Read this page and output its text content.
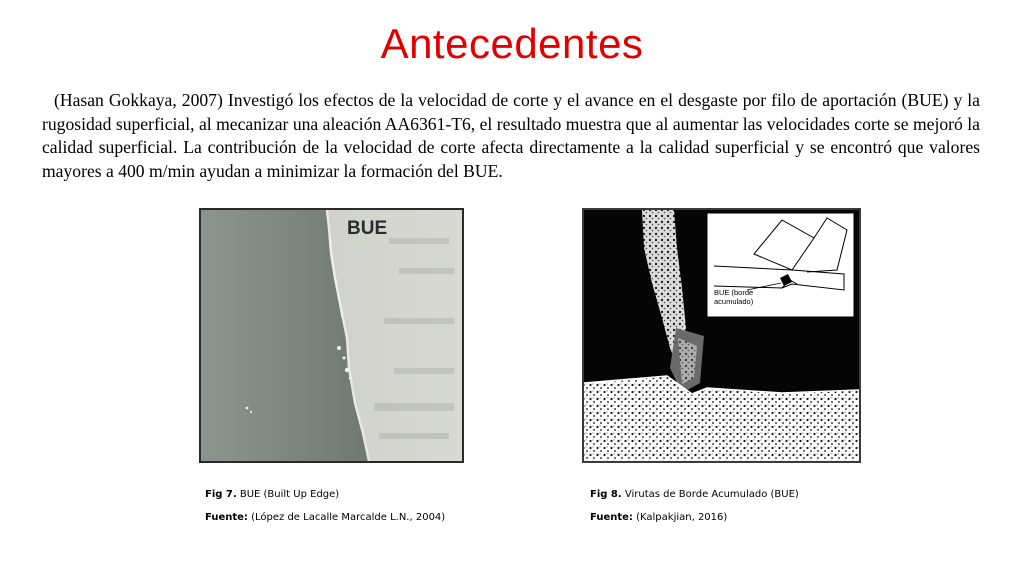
Antecedentes

(Hasan Gokkaya, 2007) Investigó los efectos de la velocidad de corte y el avance en el desgaste por filo de aportación (BUE) y la rugosidad superficial, al mecanizar una aleación AA6361-T6, el resultado muestra que al aumentar las velocidades corte se mejoró la calidad superficial. La contribución de la velocidad de corte afecta directamente a la calidad superficial y se encontró que valores mayores a 400 m/min ayudan a minimizar la formación del BUE.

BUE
BUE (borde
acumulado)
Fig 7. BUE (Built Up Edge)
Fuente: (López de Lacalle Marcalde L.N., 2004)
Fig 8. Virutas de Borde Acumulado (BUE)
Fuente: (Kalpakjian, 2016)
